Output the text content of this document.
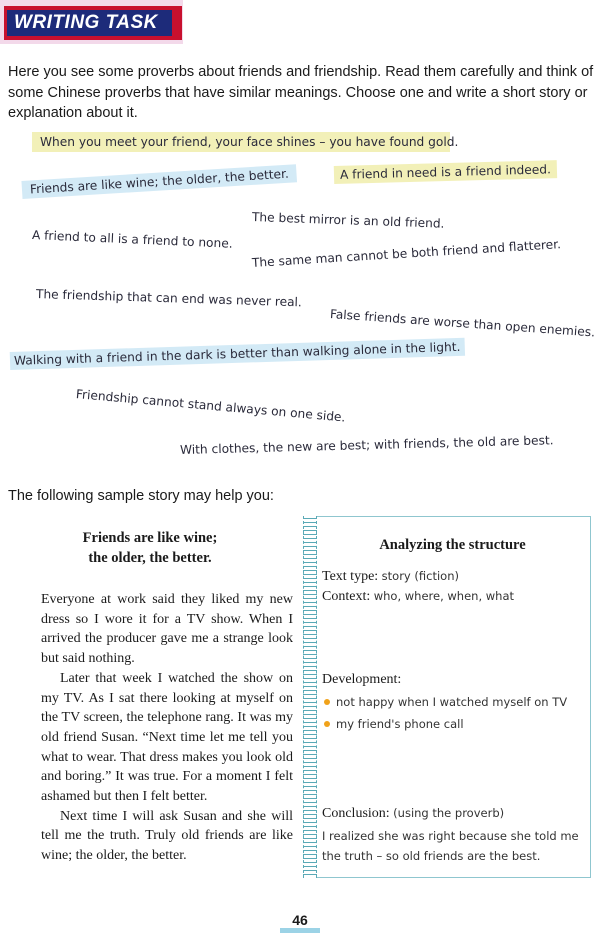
WRITING TASK
Here you see some proverbs about friends and friendship. Read them carefully and think of some Chinese proverbs that have similar meanings. Choose one and write a short story or explanation about it.
When you meet your friend, your face shines – you have found gold.
Friends are like wine; the older, the better.	A friend in need is a friend indeed.
The best mirror is an old friend.
A friend to all is a friend to none. The same man cannot be both friend and flatterer.
The friendship that can end was never real.
False friends are worse than open enemies.
Walking with a friend in the dark is better than walking alone in the light.
Friendship cannot stand always on one side.
With clothes, the new are best; with friends, the old are best.
The following sample story may help you:
Friends are like wine;
the older, the better.

Everyone at work said they liked my new dress so I wore it for a TV show. When I arrived the producer gave me a strange look but said nothing.

Later that week I watched the show on my TV. As I sat there looking at myself on the TV screen, the telephone rang. It was my old friend Susan. “Next time let me tell you what to wear. That dress makes you look old and boring.” It was true. For a moment I felt ashamed but then I felt better.

Next time I will ask Susan and she will tell me the truth. Truly old friends are like wine; the older, the better.

Analyzing the structure
Text type: story (fiction)
Context: who, where, when, what
Development:
not happy when I watched myself on TV
my friend's phone call
Conclusion: (using the proverb)
I realized she was right because she told me
the truth – so old friends are the best.
46
